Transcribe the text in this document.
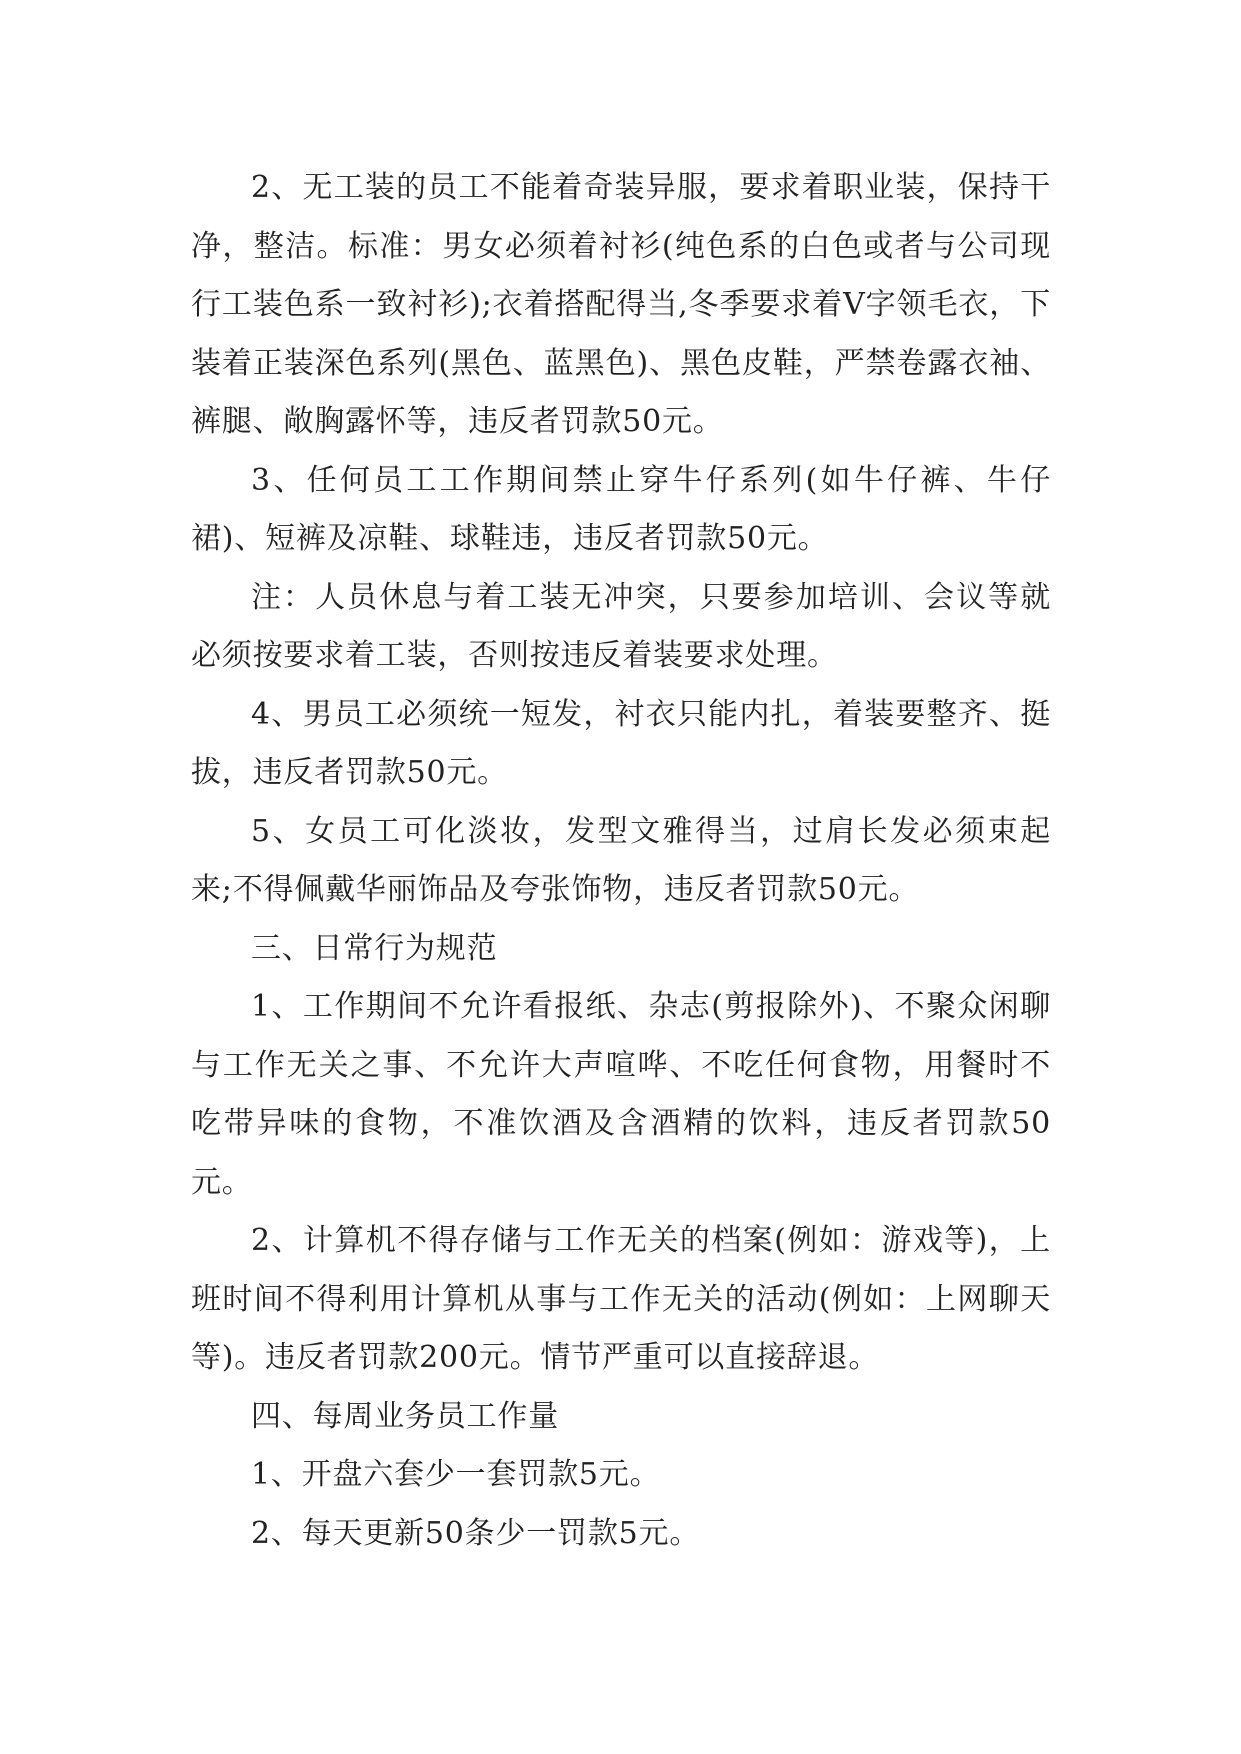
2、无工装的员工不能着奇装异服，要求着职业装，保持干净，整洁。标准：男女必须着衬衫(纯色系的白色或者与公司现行工装色系一致衬衫);衣着搭配得当,冬季要求着V字领毛衣，下装着正装深色系列(黑色、蓝黑色)、黑色皮鞋，严禁卷露衣袖、裤腿、敞胸露怀等，违反者罚款50元。

3、任何员工工作期间禁止穿牛仔系列(如牛仔裤、牛仔裙)、短裤及凉鞋、球鞋违，违反者罚款50元。

注：人员休息与着工装无冲突，只要参加培训、会议等就必须按要求着工装，否则按违反着装要求处理。

4、男员工必须统一短发，衬衣只能内扎，着装要整齐、挺拔，违反者罚款50元。

5、女员工可化淡妆，发型文雅得当，过肩长发必须束起来;不得佩戴华丽饰品及夸张饰物，违反者罚款50元。

三、日常行为规范

1、工作期间不允许看报纸、杂志(剪报除外)、不聚众闲聊与工作无关之事、不允许大声喧哗、不吃任何食物，用餐时不吃带异味的食物，不准饮酒及含酒精的饮料，违反者罚款50元。

2、计算机不得存储与工作无关的档案(例如：游戏等)，上班时间不得利用计算机从事与工作无关的活动(例如：上网聊天等)。违反者罚款200元。情节严重可以直接辞退。

四、每周业务员工作量

1、开盘六套少一套罚款5元。

2、每天更新50条少一罚款5元。
